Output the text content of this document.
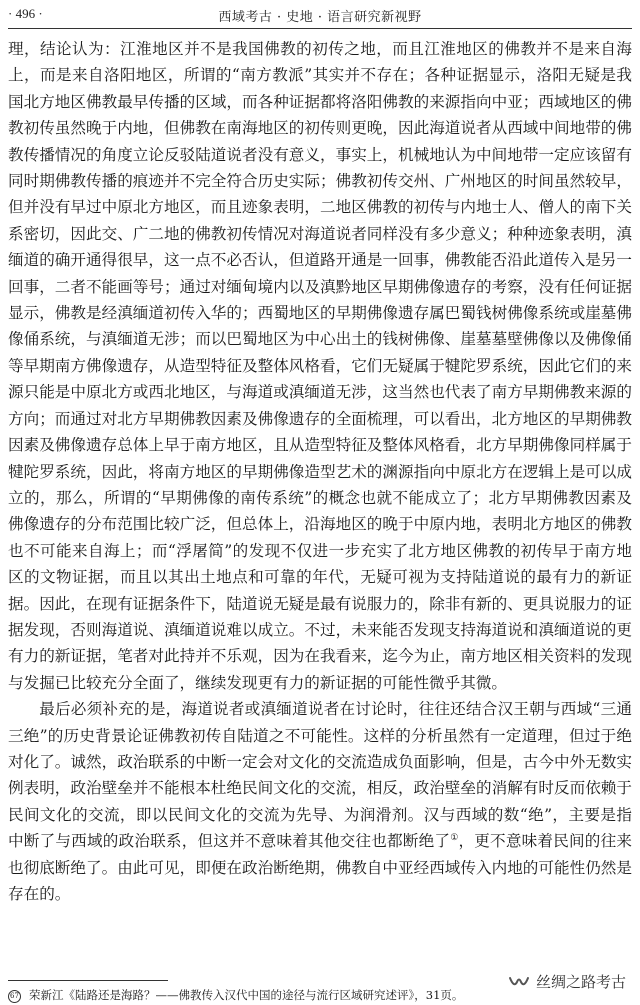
· 496 ·	西域考古 · 史地 · 语言研究新视野

理，结论认为：江淮地区并不是我国佛教的初传之地，而且江淮地区的佛教并不是来自海上，而是来自洛阳地区，所谓的“南方教派”其实并不存在；各种证据显示，洛阳无疑是我国北方地区佛教最早传播的区域，而各种证据都将洛阳佛教的来源指向中亚；西域地区的佛教初传虽然晚于内地，但佛教在南海地区的初传则更晚，因此海道说者从西域中间地带的佛教传播情况的角度立论反驳陆道说者没有意义，事实上，机械地认为中间地带一定应该留有同时期佛教传播的痕迹并不完全符合历史实际；佛教初传交州、广州地区的时间虽然较早，但并没有早过中原北方地区，而且迹象表明，二地区佛教的初传与内地士人、僧人的南下关系密切，因此交、广二地的佛教初传情况对海道说者同样没有多少意义；种种迹象表明，滇缅道的确开通得很早，这一点不必否认，但道路开通是一回事，佛教能否沿此道传入是另一回事，二者不能画等号；通过对缅甸境内以及滇黔地区早期佛像遗存的考察，没有任何证据显示，佛教是经滇缅道初传入华的；西蜀地区的早期佛像遗存属巴蜀钱树佛像系统或崖墓佛像俑系统，与滇缅道无涉；而以巴蜀地区为中心出土的钱树佛像、崖墓墓壁佛像以及佛像俑等早期南方佛像遗存，从造型特征及整体风格看，它们无疑属于犍陀罗系统，因此它们的来源只能是中原北方或西北地区，与海道或滇缅道无涉，这当然也代表了南方早期佛教来源的方向；而通过对北方早期佛教因素及佛像遗存的全面梳理，可以看出，北方地区的早期佛教因素及佛像遗存总体上早于南方地区，且从造型特征及整体风格看，北方早期佛像同样属于犍陀罗系统，因此，将南方地区的早期佛像造型艺术的渊源指向中原北方在逻辑上是可以成立的，那么，所谓的“早期佛像的南传系统”的概念也就不能成立了；北方早期佛教因素及佛像遗存的分布范围比较广泛，但总体上，沿海地区的晚于中原内地，表明北方地区的佛教也不可能来自海上；而“浮屠简”的发现不仅进一步充实了北方地区佛教的初传早于南方地区的文物证据，而且以其出土地点和可靠的年代，无疑可视为支持陆道说的最有力的新证据。因此，在现有证据条件下，陆道说无疑是最有说服力的，除非有新的、更具说服力的证据发现，否则海道说、滇缅道说难以成立。不过，未来能否发现支持海道说和滇缅道说的更有力的新证据，笔者对此持并不乐观，因为在我看来，迄今为止，南方地区相关资料的发现与发掘已比较充分全面了，继续发现更有力的新证据的可能性微乎其微。

最后必须补充的是，海道说者或滇缅道说者在讨论时，往往还结合汉王朝与西域“三通三绝”的历史背景论证佛教初传自陆道之不可能性。这样的分析虽然有一定道理，但过于绝对化了。诚然，政治联系的中断一定会对文化的交流造成负面影响，但是，古今中外无数实例表明，政治壁垒并不能根本杜绝民间文化的交流，相反，政治壁垒的消解有时反而依赖于民间文化的交流，即以民间文化的交流为先导、为润滑剂。汉与西域的数“绝”，主要是指中断了与西域的政治联系，但这并不意味着其他交往也都断绝了①，更不意味着民间的往来也彻底断绝了。由此可见，即便在政治断绝期，佛教自中亚经西域传入内地的可能性仍然是存在的。

67 荣新江《陆路还是海路？——佛教传入汉代中国的途径与流行区域研究述评》，31页。
丝绸之路考古
